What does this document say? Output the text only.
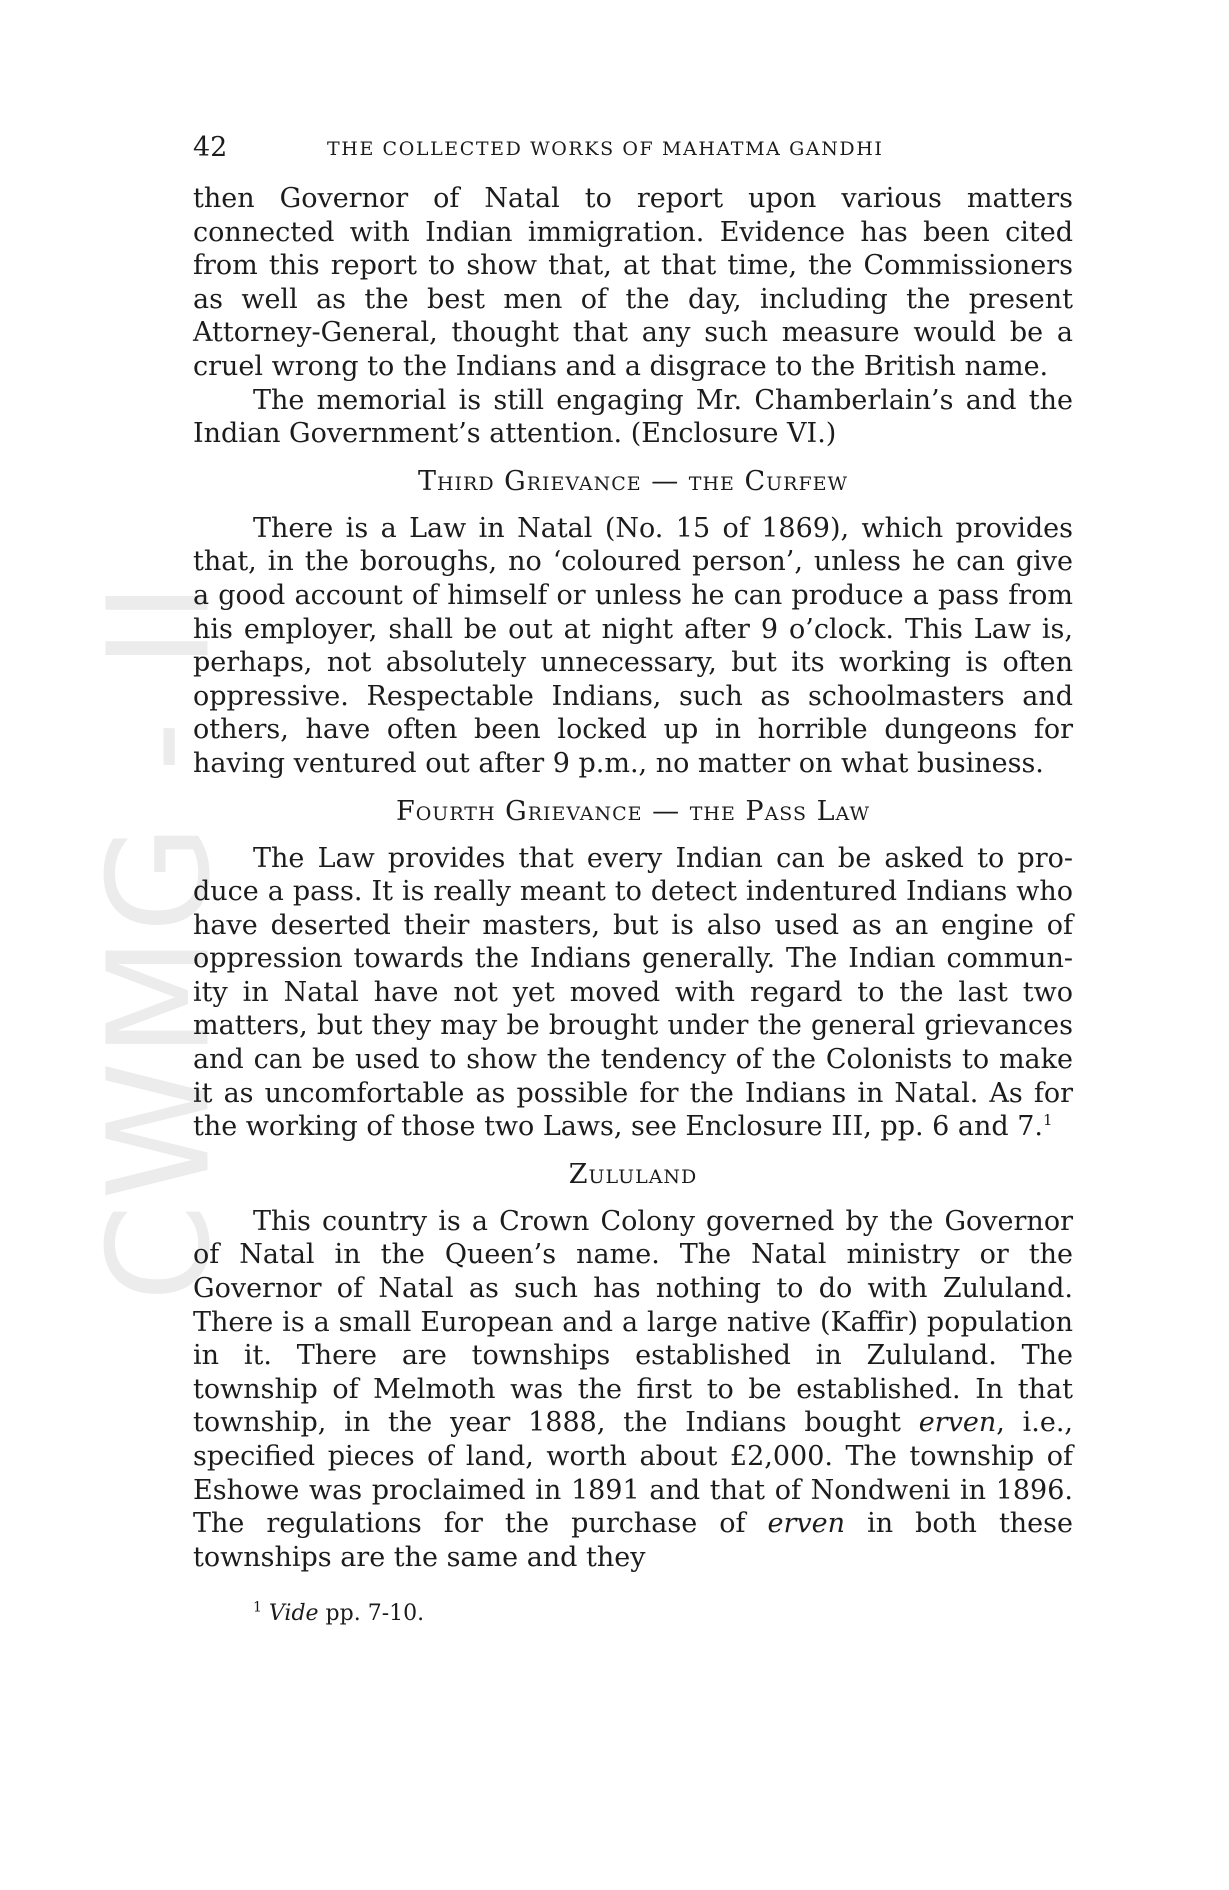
CWMG - II
42	THE COLLECTED WORKS OF MAHATMA GANDHI

then Governor of Natal to report upon various matters connected with Indian immigration. Evidence has been cited from this report to show that, at that time, the Commissioners as well as the best men of the day, including the present Attorney-General, thought that any such measure would be a cruel wrong to the Indians and a disgrace to the British name.

The memorial is still engaging Mr. Chamberlain’s and the Indian Government’s attention. (Enclosure VI.)

Third Grievance — the Curfew

There is a Law in Natal (No. 15 of 1869), which provides that, in the boroughs, no ‘coloured person’, unless he can give a good account of himself or unless he can produce a pass from his employer, shall be out at night after 9 o’clock. This Law is, perhaps, not absolutely unnecessary, but its working is often oppressive. Respectable Indians, such as schoolmasters and others, have often been locked up in horrible dungeons for having ventured out after 9 p.m., no matter on what business.

Fourth Grievance — the Pass Law

The Law provides that every Indian can be asked to produce a pass. It is really meant to detect indentured Indians who have deserted their masters, but is also used as an engine of oppression towards the Indians generally. The Indian community in Natal have not yet moved with regard to the last two matters, but they may be brought under the general grievances and can be used to show the tendency of the Colonists to make it as uncomfortable as possible for the Indians in Natal. As for the working of those two Laws, see Enclosure III, pp. 6 and 7.$^1$

Zululand

This country is a Crown Colony governed by the Governor of Natal in the Queen’s name. The Natal ministry or the Governor of Natal as such has nothing to do with Zululand. There is a small European and a large native (Kaffir) population in it. There are townships established in Zululand. The township of Melmoth was the first to be established. In that township, in the year 1888, the Indians bought erven, i.e., specified pieces of land, worth about £2,000. The township of Eshowe was proclaimed in 1891 and that of Nondweni in 1896. The regulations for the purchase of erven in both these townships are the same and they

$^1$ Vide pp. 7-10.
